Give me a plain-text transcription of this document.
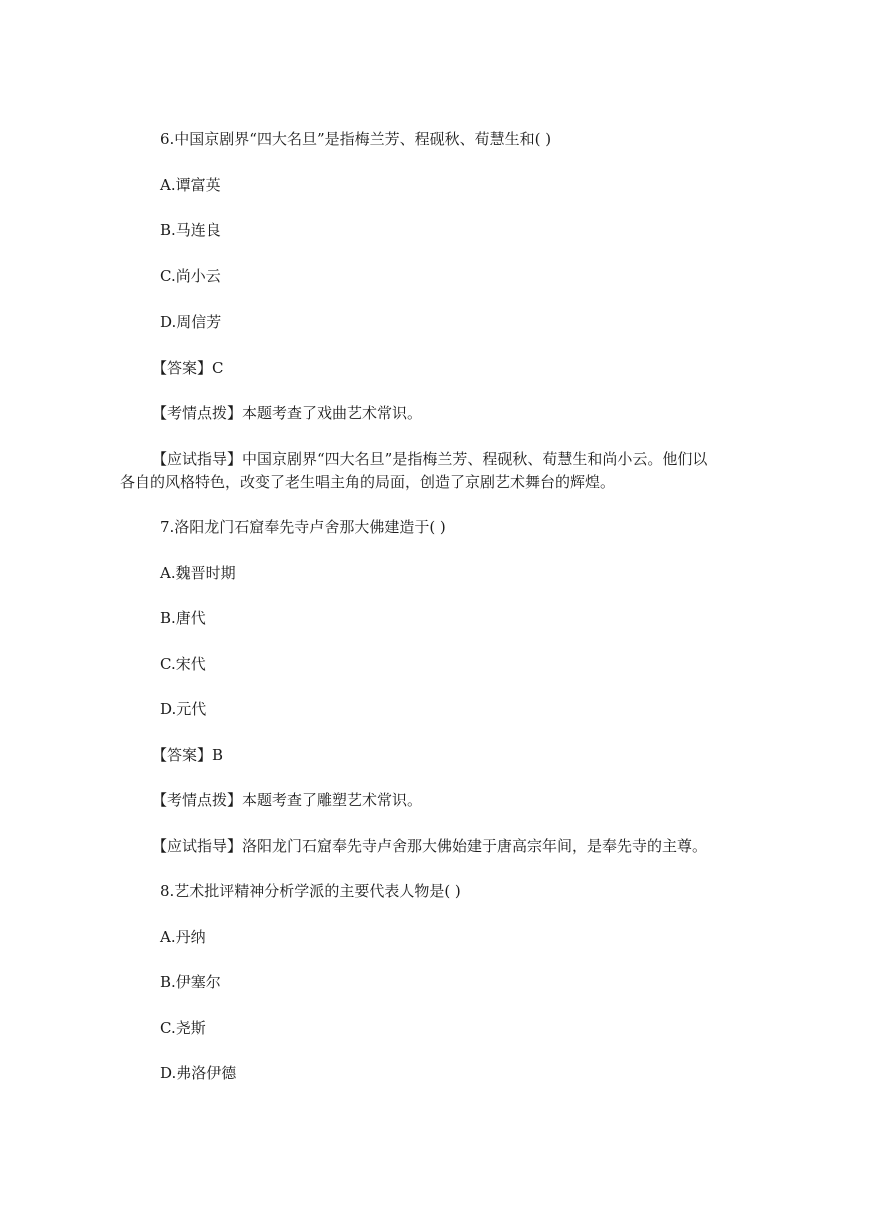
6.中国京剧界“四大名旦”是指梅兰芳、程砚秋、荀慧生和( )
A.谭富英
B.马连良
C.尚小云
D.周信芳
【答案】C
【考情点拨】本题考查了戏曲艺术常识。
【应试指导】中国京剧界“四大名旦”是指梅兰芳、程砚秋、荀慧生和尚小云。他们以
各自的风格特色，改变了老生唱主角的局面，创造了京剧艺术舞台的辉煌。
7.洛阳龙门石窟奉先寺卢舍那大佛建造于( )
A.魏晋时期
B.唐代
C.宋代
D.元代
【答案】B
【考情点拨】本题考查了雕塑艺术常识。
【应试指导】洛阳龙门石窟奉先寺卢舍那大佛始建于唐高宗年间，是奉先寺的主尊。
8.艺术批评精神分析学派的主要代表人物是( )
A.丹纳
B.伊塞尔
C.尧斯
D.弗洛伊德
